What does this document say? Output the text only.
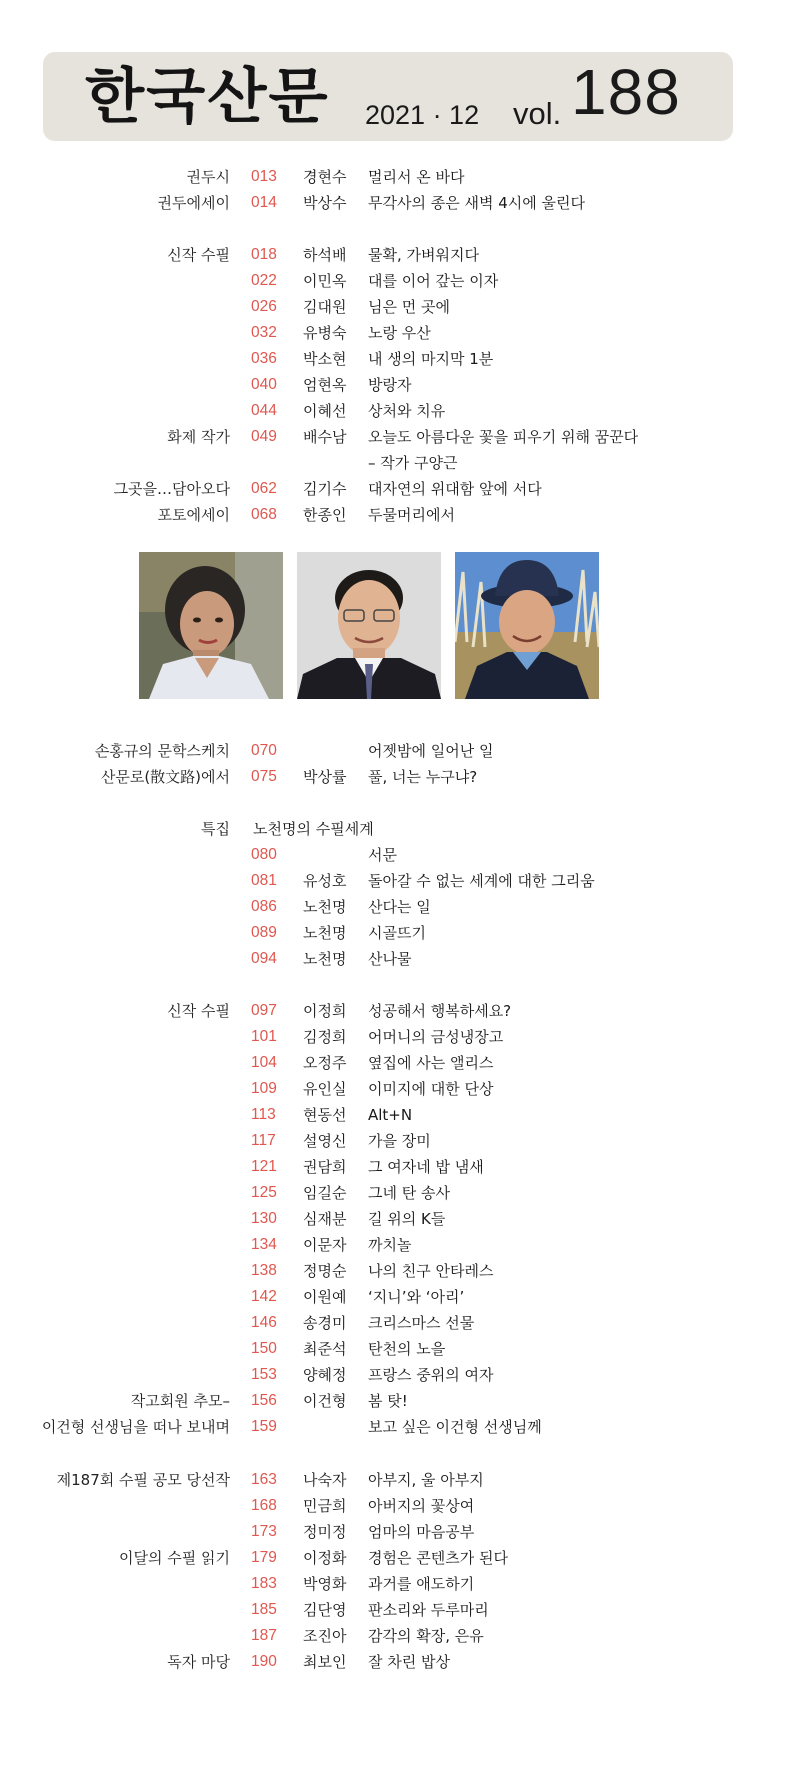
한국산문 2021 · 12 vol. 188
권두시 013 경현수 멀리서 온 바다
권두에세이 014 박상수 무각사의 종은 새벽 4시에 울린다
신작 수필 018 하석배 물확, 가벼워지다
022 이민옥 대를 이어 갚는 이자
026 김대원 님은 먼 곳에
032 유병숙 노랑 우산
036 박소현 내 생의 마지막 1분
040 엄현옥 방랑자
044 이혜선 상처와 치유
화제 작가 049 배수남 오늘도 아름다운 꽃을 피우기 위해 꿈꾼다
– 작가 구양근
그곳을…담아오다 062 김기수 대자연의 위대함 앞에 서다
포토에세이 068 한종인 두물머리에서
손홍규의 문학스케치 070	어젯밤에 일어난 일
산문로(散文路)에서 075 박상률 풀, 너는 누구냐?
특집 노천명의 수필세계
080	서문
081 유성호 돌아갈 수 없는 세계에 대한 그리움
086 노천명 산다는 일
089 노천명 시골뜨기
094 노천명 산나물
신작 수필 097 이정희 성공해서 행복하세요?
101 김정희 어머니의 금성냉장고
104 오정주 옆집에 사는 앨리스
109 유인실 이미지에 대한 단상
113 현동선 Alt+N
117 설영신 가을 장미
121 권담희 그 여자네 밥 냄새
125 임길순 그네 탄 송사
130 심재분 길 위의 K들
134 이문자 까치놀
138 정명순 나의 친구 안타레스
142 이원예 ‘지니’와 ‘아리’
146 송경미 크리스마스 선물
150 최준석 탄천의 노을
153 양혜정 프랑스 중위의 여자
작고회원 추모– 156 이건형 봄 탓!
이건형 선생님을 떠나 보내며 159	보고 싶은 이건형 선생님께
제187회 수필 공모 당선작 163 나숙자 아부지, 울 아부지
168 민금희 아버지의 꽃상여
173 정미정 엄마의 마음공부
이달의 수필 읽기 179 이정화 경험은 콘텐츠가 된다
183 박영화 과거를 애도하기
185 김단영 판소리와 두루마리
187 조진아 감각의 확장, 은유
독자 마당 190 최보인 잘 차린 밥상
